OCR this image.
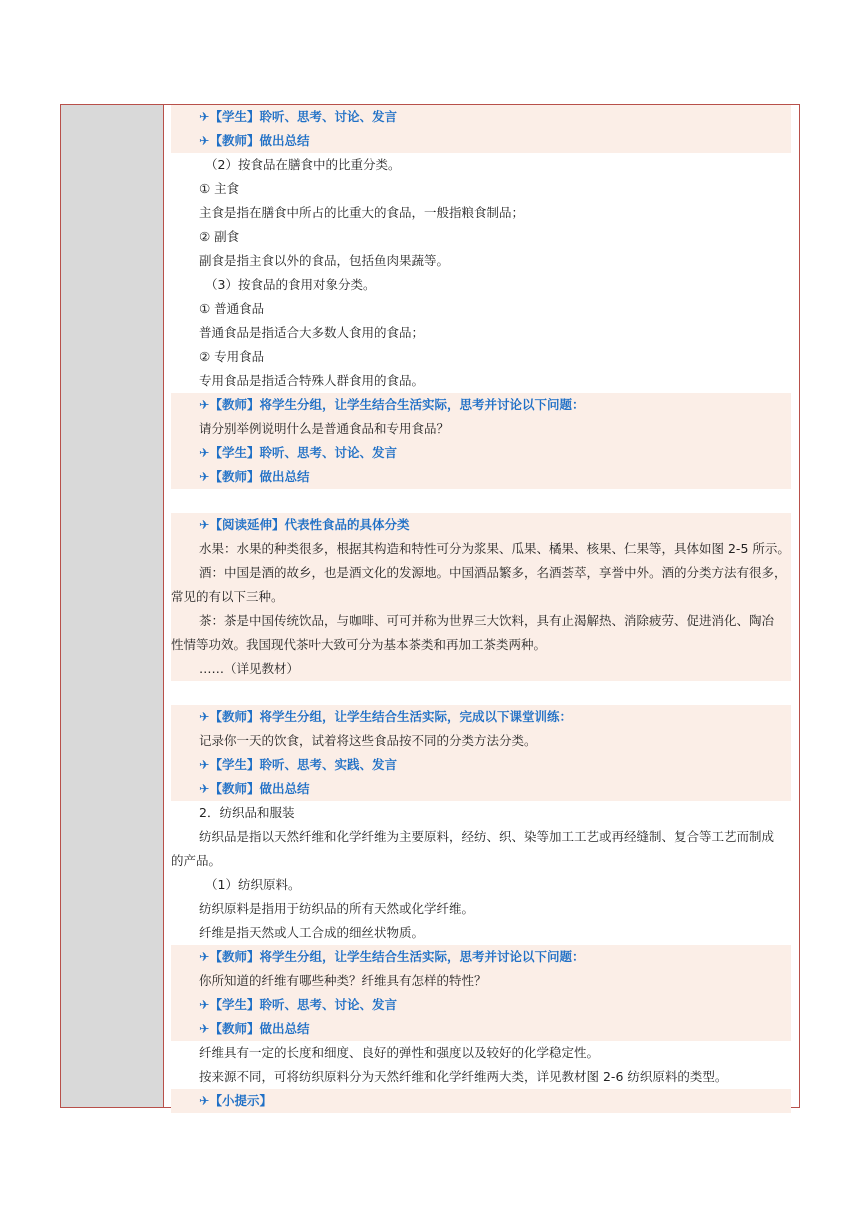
✈【学生】聆听、思考、讨论、发言
✈【教师】做出总结
（2）按食品在膳食中的比重分类。
① 主食
主食是指在膳食中所占的比重大的食品，一般指粮食制品；
② 副食
副食是指主食以外的食品，包括鱼肉果蔬等。
（3）按食品的食用对象分类。
① 普通食品
普通食品是指适合大多数人食用的食品；
② 专用食品
专用食品是指适合特殊人群食用的食品。
✈【教师】将学生分组，让学生结合生活实际，思考并讨论以下问题：
请分别举例说明什么是普通食品和专用食品？
✈【学生】聆听、思考、讨论、发言
✈【教师】做出总结
✈【阅读延伸】代表性食品的具体分类
水果：水果的种类很多，根据其构造和特性可分为浆果、瓜果、橘果、核果、仁果等，具体如图 2-5 所示。
酒：中国是酒的故乡，也是酒文化的发源地。中国酒品繁多，名酒荟萃，享誉中外。酒的分类方法有很多，
常见的有以下三种。
茶：茶是中国传统饮品，与咖啡、可可并称为世界三大饮料，具有止渴解热、消除疲劳、促进消化、陶冶
性情等功效。我国现代茶叶大致可分为基本茶类和再加工茶类两种。
……（详见教材）
✈【教师】将学生分组，让学生结合生活实际，完成以下课堂训练：
记录你一天的饮食，试着将这些食品按不同的分类方法分类。
✈【学生】聆听、思考、实践、发言
✈【教师】做出总结
2．纺织品和服装
纺织品是指以天然纤维和化学纤维为主要原料，经纺、织、染等加工工艺或再经缝制、复合等工艺而制成
的产品。
（1）纺织原料。
纺织原料是指用于纺织品的所有天然或化学纤维。
纤维是指天然或人工合成的细丝状物质。
✈【教师】将学生分组，让学生结合生活实际，思考并讨论以下问题：
你所知道的纤维有哪些种类？纤维具有怎样的特性？
✈【学生】聆听、思考、讨论、发言
✈【教师】做出总结
纤维具有一定的长度和细度、良好的弹性和强度以及较好的化学稳定性。
按来源不同，可将纺织原料分为天然纤维和化学纤维两大类，详见教材图 2-6 纺织原料的类型。
✈【小提示】
